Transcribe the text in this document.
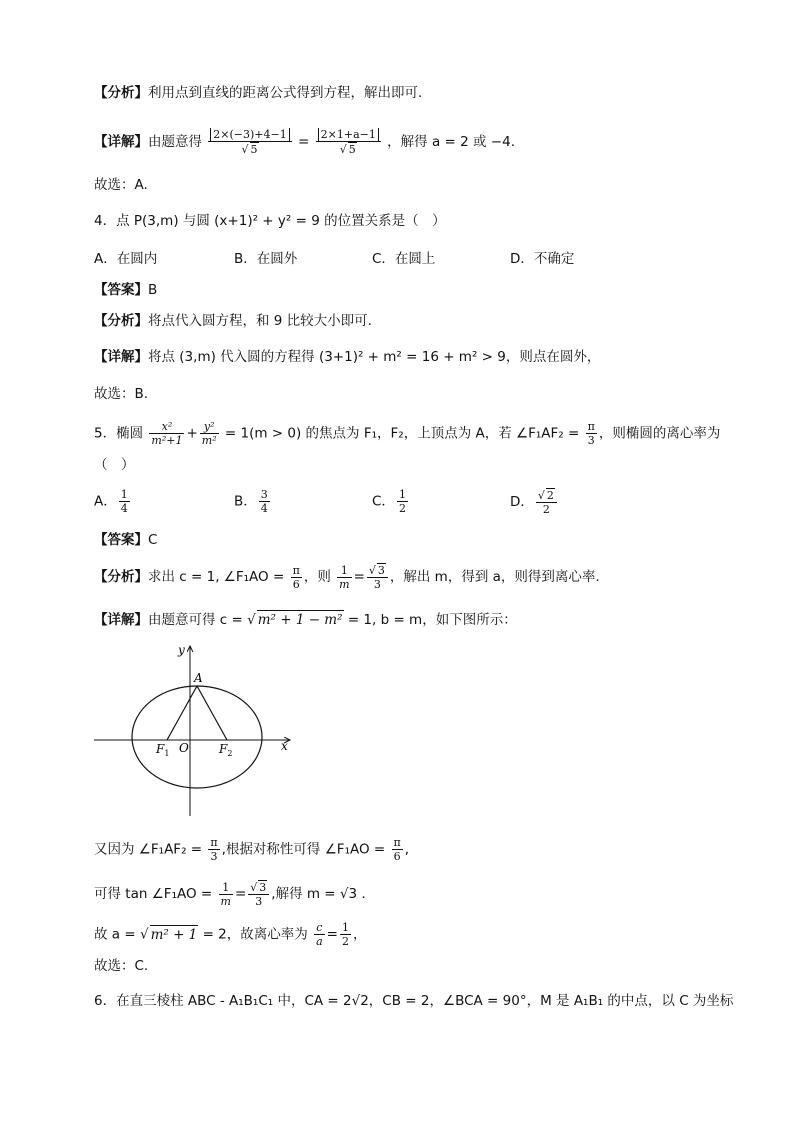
【分析】利用点到直线的距离公式得到方程，解出即可.
【详解】由题意得 $\frac{2\times(-3)+4-1}{√ 5} = \frac{2\times 1+a-1}{√ 5}$ ，解得 a = 2 或 −4.
故选：A.
4．点 P(3,m) 与圆 (x+1)² + y² = 9 的位置关系是（　）
A．在圆内	B．在圆外	C．在圆上	D．不确定
【答案】B
【分析】将点代入圆方程，和 9 比较大小即可.
【详解】将点 (3,m) 代入圆的方程得 (3+1)² + m² = 16 + m² > 9，则点在圆外，
故选：B.
5．椭圆 $\frac{\text{x²}}{\text{m²+1}} + \frac{\text{y²}}{\text{m²}} = 1(m > 0)$ 的焦点为 F₁，F₂，上顶点为 A，若 ∠F₁AF₂ = $\frac{\pi}{3}$ ，则椭圆的离心率为
（　）
A． $\frac{1}{4}$	B． $\frac{3}{4}$	C． $\frac{1}{2}$	D． $\frac{√ 2}{2}$
【答案】C
【分析】求出 c = 1, ∠F₁AO = $\frac{\pi}{6}$ ，则 $\frac{1}{m} = \frac{√ 3}{3}$ ，解出 m，得到 a，则得到离心率.
【详解】由题意可得 c = √ m² + 1 − m² = 1, b = m，如下图所示：
y
x
A
O
$F_1$	$F_2$
又因为 ∠F₁AF₂ = $\frac{\pi}{3}$ ,根据对称性可得 ∠F₁AO = $\frac{\pi}{6}$ ,
可得 tan ∠F₁AO = $\frac{1}{m} = \frac{√ 3}{3}$ ,解得 m = √3 .
故 a = √ m² + 1 = 2，故离心率为 $\frac{c}{a} = \frac{1}{2}$ ，
故选：C.
6．在直三棱柱 ABC - A₁B₁C₁ 中，CA = 2√2，CB = 2，∠BCA = 90°，M 是 A₁B₁ 的中点，以 C 为坐标
